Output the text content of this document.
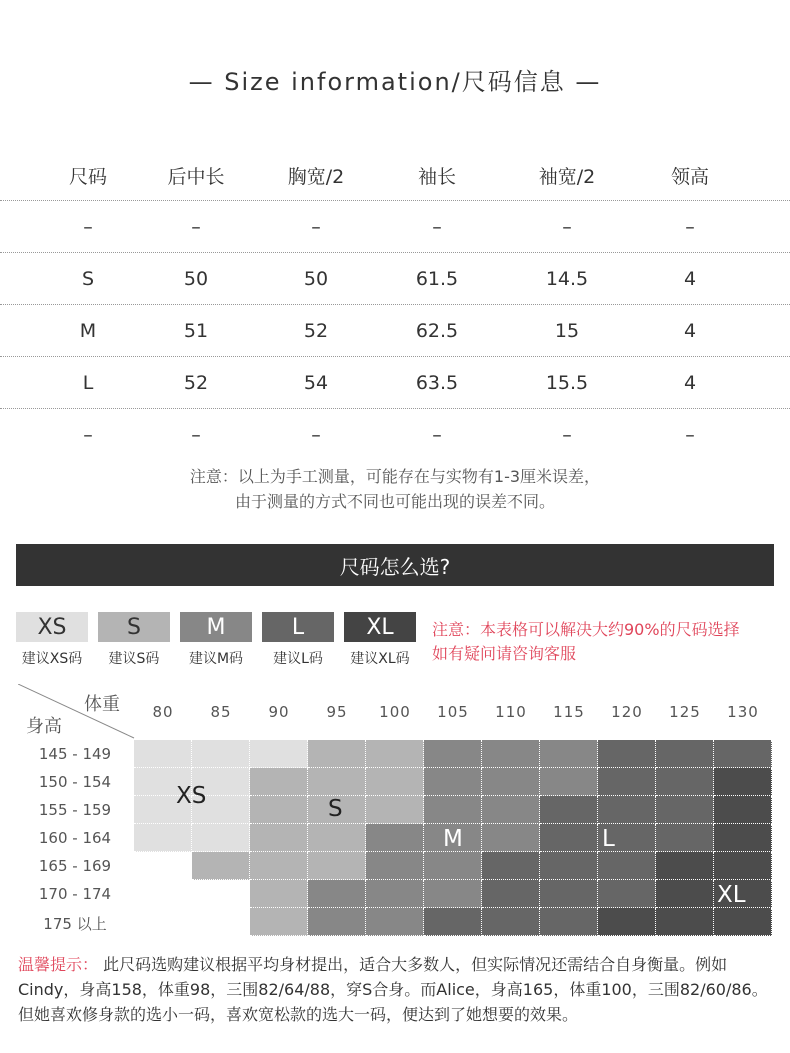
— Size information/尺码信息 —
尺码	后中长	胸宽/2	袖长	袖宽/2	领高
–	–	–	–	–	–
S	50	50	61.5	14.5	4
M	51	52	62.5	15	4
L	52	54	63.5	15.5	4
–	–	–	–	–	–
注意：以上为手工测量，可能存在与实物有1-3厘米误差，
由于测量的方式不同也可能出现的误差不同。
尺码怎么选?
XS	S	M	L	XL
建议XS码	建议S码	建议M码	建议L码	建议XL码
注意：本表格可以解决大约90%的尺码选择
如有疑问请咨询客服
体重
身高
80	85	90	95	100	105	110	115	120	125	130
145 - 149
150 - 154
155 - 159
160 - 164
165 - 169
170 - 174
175 以上
XS	S
M	L
XL
温馨提示： 此尺码选购建议根据平均身材提出，适合大多数人，但实际情况还需结合自身衡量。例如Cindy，身高158，体重98，三围82/64/88，穿S合身。而Alice，身高165，体重100，三围82/60/86。但她喜欢修身款的选小一码，喜欢宽松款的选大一码，便达到了她想要的效果。
